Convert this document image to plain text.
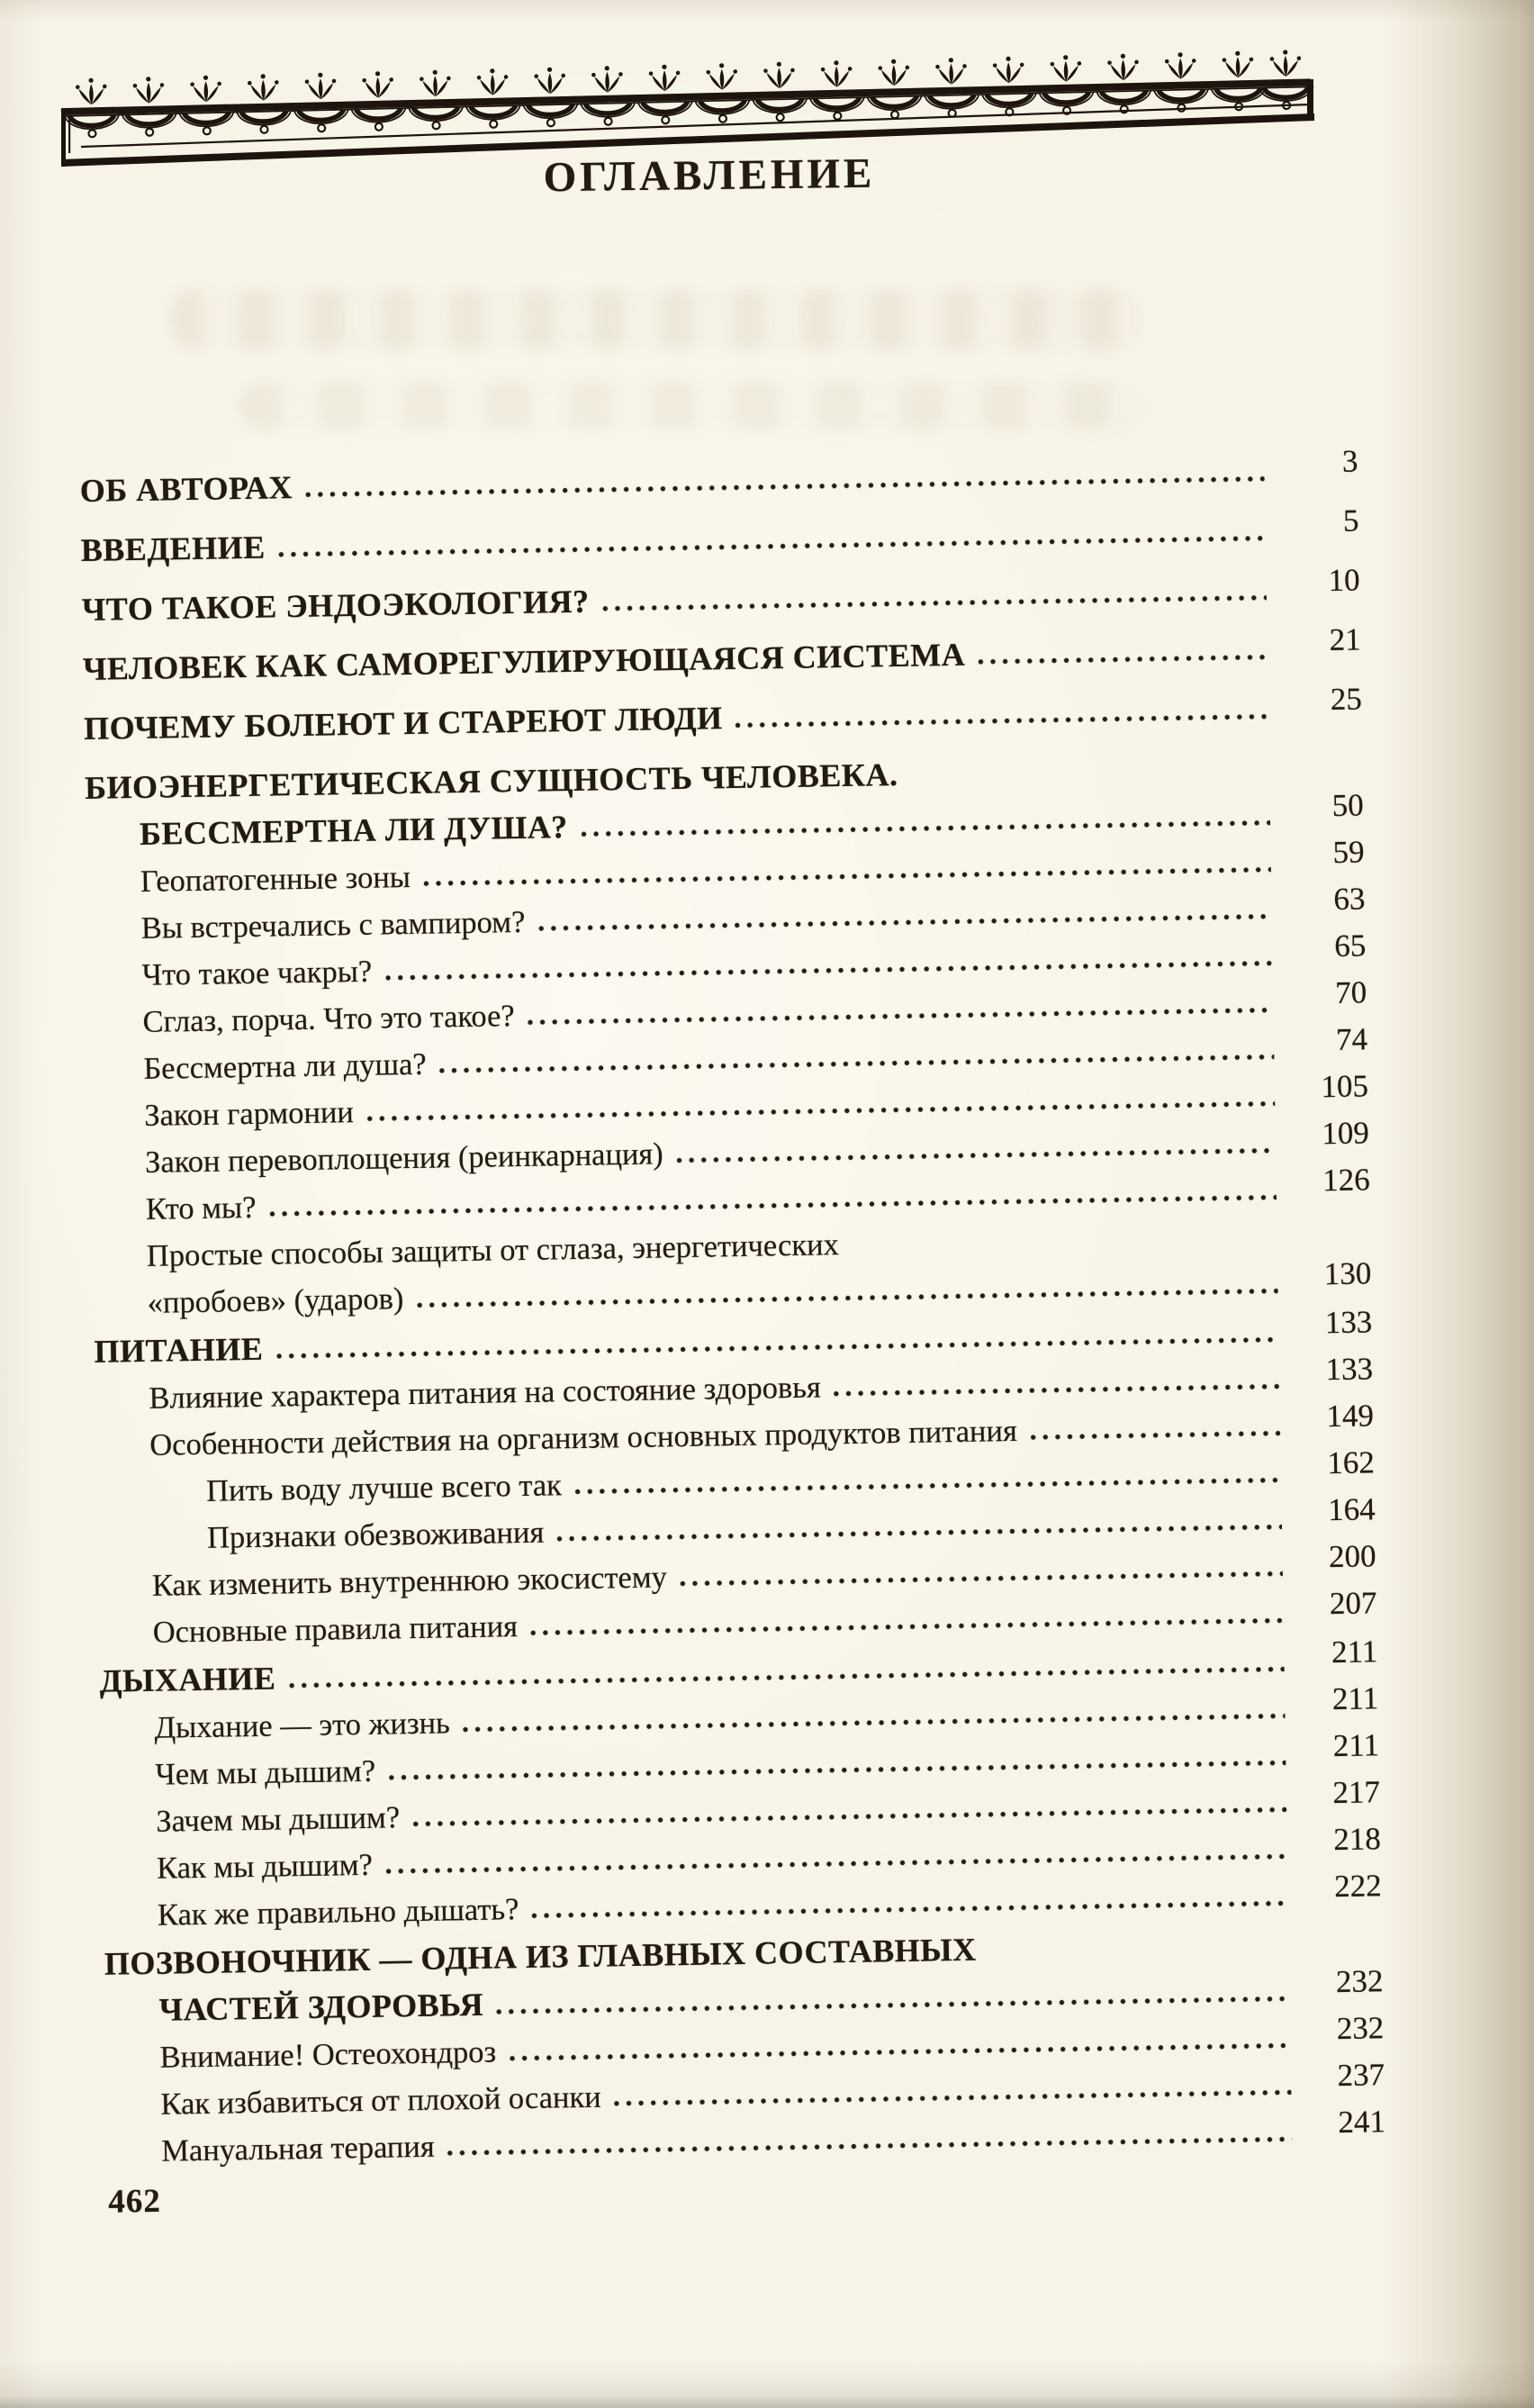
ОГЛАВЛЕНИЕ
ОБ АВТОРАХ
3
ВВЕДЕНИЕ
5
ЧТО ТАКОЕ ЭНДОЭКОЛОГИЯ?
10
ЧЕЛОВЕК КАК САМОРЕГУЛИРУЮЩАЯСЯ СИСТЕМА	21
ПОЧЕМУ БОЛЕЮТ И СТАРЕЮТ ЛЮДИ
25
БИОЭНЕРГЕТИЧЕСКАЯ СУЩНОСТЬ ЧЕЛОВЕКА.
БЕССМЕРТНА ЛИ ДУША?
50
Геопатогенные зоны
59
Вы встречались с вампиром?
63
Что такое чакры?
65
Сглаз, порча. Что это такое?
70
Бессмертна ли душа?
74
Закон гармонии
105
Закон перевоплощения (реинкарнация)
109
Кто мы?
126
Простые способы защиты от сглаза, энергетических
«пробоев» (ударов)
130
ПИТАНИЕ
133
Влияние характера питания на состояние здоровья
133
Особенности действия на организм основных продуктов питания	149
Пить воду лучше всего так
162
Признаки обезвоживания
164
Как изменить внутреннюю экосистему
200
Основные правила питания
207
ДЫХАНИЕ
211
Дыхание — это жизнь
211
Чем мы дышим?
211
Зачем мы дышим?
217
Как мы дышим?
218
Как же правильно дышать?
222
ПОЗВОНОЧНИК — ОДНА ИЗ ГЛАВНЫХ СОСТАВНЫХ
ЧАСТЕЙ ЗДОРОВЬЯ
232
Внимание! Остеохондроз
232
Как избавиться от плохой осанки
237
Мануальная терапия
241
462
